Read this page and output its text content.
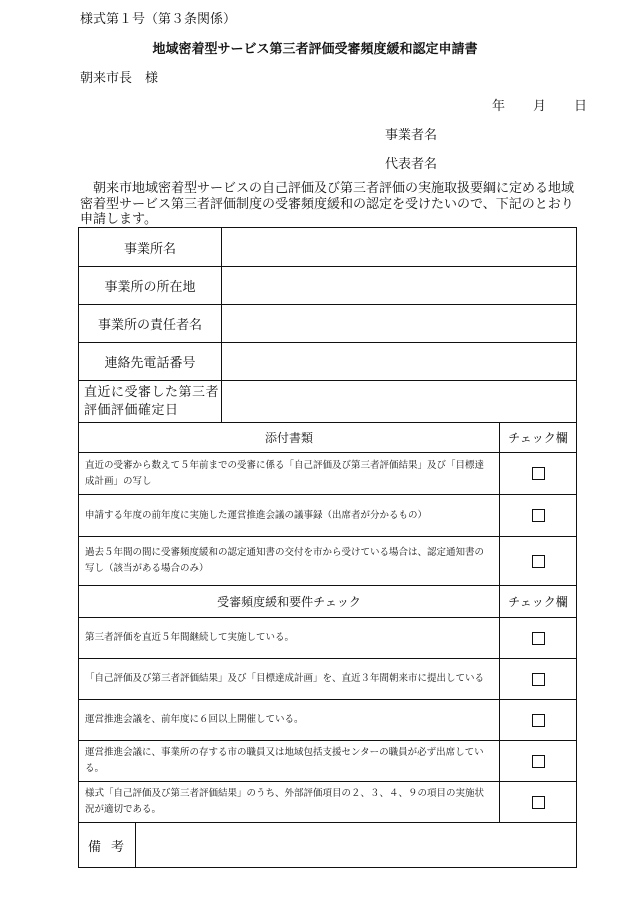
様式第１号（第３条関係）
地域密着型サービス第三者評価受審頻度緩和認定申請書
朝来市長　様
年 月 日
事業者名
代表者名
朝来市地域密着型サービスの自己評価及び第三者評価の実施取扱要綱に定める地域密着型サービス第三者評価制度の受審頻度緩和の認定を受けたいので、下記のとおり申請します。
事業所名
事業所の所在地
事業所の責任者名
連絡先電話番号
直近に受審した第三者評価評価確定日
添付書類	チェック欄
直近の受審から数えて５年前までの受審に係る「自己評価及び第三者評価結果」及び「目標達成計画」の写し
申請する年度の前年度に実施した運営推進会議の議事録（出席者が分かるもの）
過去５年間の間に受審頻度緩和の認定通知書の交付を市から受けている場合は、認定通知書の写し（該当がある場合のみ）
受審頻度緩和要件チェック	チェック欄
第三者評価を直近５年間継続して実施している。
「自己評価及び第三者評価結果」及び「目標達成計画」を、直近３年間朝来市に提出している
運営推進会議を、前年度に６回以上開催している。
運営推進会議に、事業所の存する市の職員又は地域包括支援センターの職員が必ず出席している。
様式「自己評価及び第三者評価結果」のうち、外部評価項目の２、３、４、９の項目の実施状況が適切である。
備考
